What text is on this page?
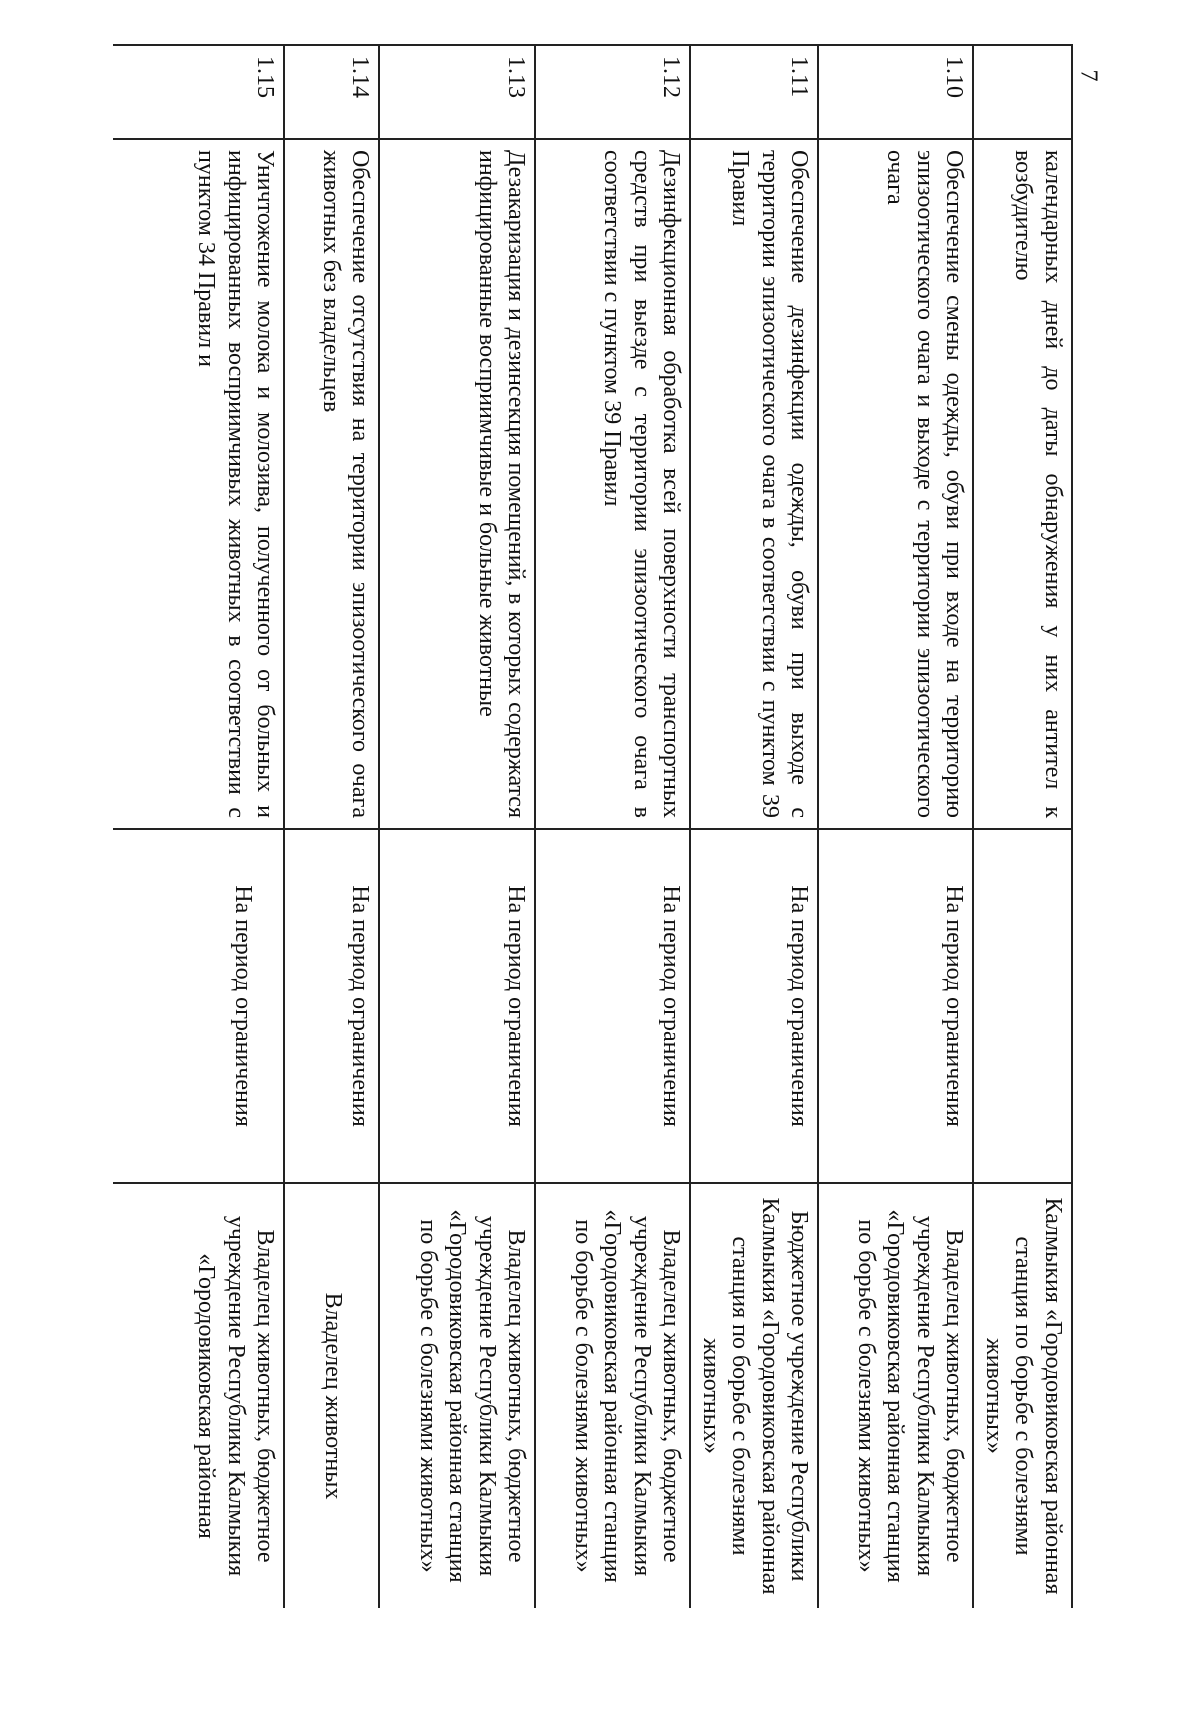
7
	календарных дней до даты обнаружения у них антител к возбудителю		Калмыкия «Городовиковская районная станция по борьбе с болезнями животных»
1.10	Обеспечение смены одежды, обуви при входе на территорию эпизоотического очага и выходе с территории эпизоотического очага	На период ограничения	Владелец животных, бюджетное учреждение Республики Калмыкия «Городовиковская районная станция по борьбе с болезнями животных»
1.11	Обеспечение дезинфекции одежды, обуви при выходе с территории эпизоотического очага в соответствии с пунктом 39 Правил	На период ограничения	Бюджетное учреждение Республики Калмыкия «Городовиковская районная станция по борьбе с болезнями животных»
1.12	Дезинфекционная обработка всей поверхности транспортных средств при выезде с территории эпизоотического очага в соответствии с пунктом 39 Правил	На период ограничения	Владелец животных, бюджетное учреждение Республики Калмыкия «Городовиковская районная станция по борьбе с болезнями животных»
1.13	Дезакаризация и дезинсекция помещений, в которых содержатся инфицированные восприимчивые и больные животные	На период ограничения	Владелец животных, бюджетное учреждение Республики Калмыкия «Городовиковская районная станция по борьбе с болезнями животных»
1.14	Обеспечение отсутствия на территории эпизоотического очага животных без владельцев	На период ограничения	Владелец животных
1.15	Уничтожение молока и молозива, полученного от больных и инфицированных восприимчивых животных в соответствии с пунктом 34 Правил и	На период ограничения	Владелец животных, бюджетное учреждение Республики Калмыкия «Городовиковская районная
